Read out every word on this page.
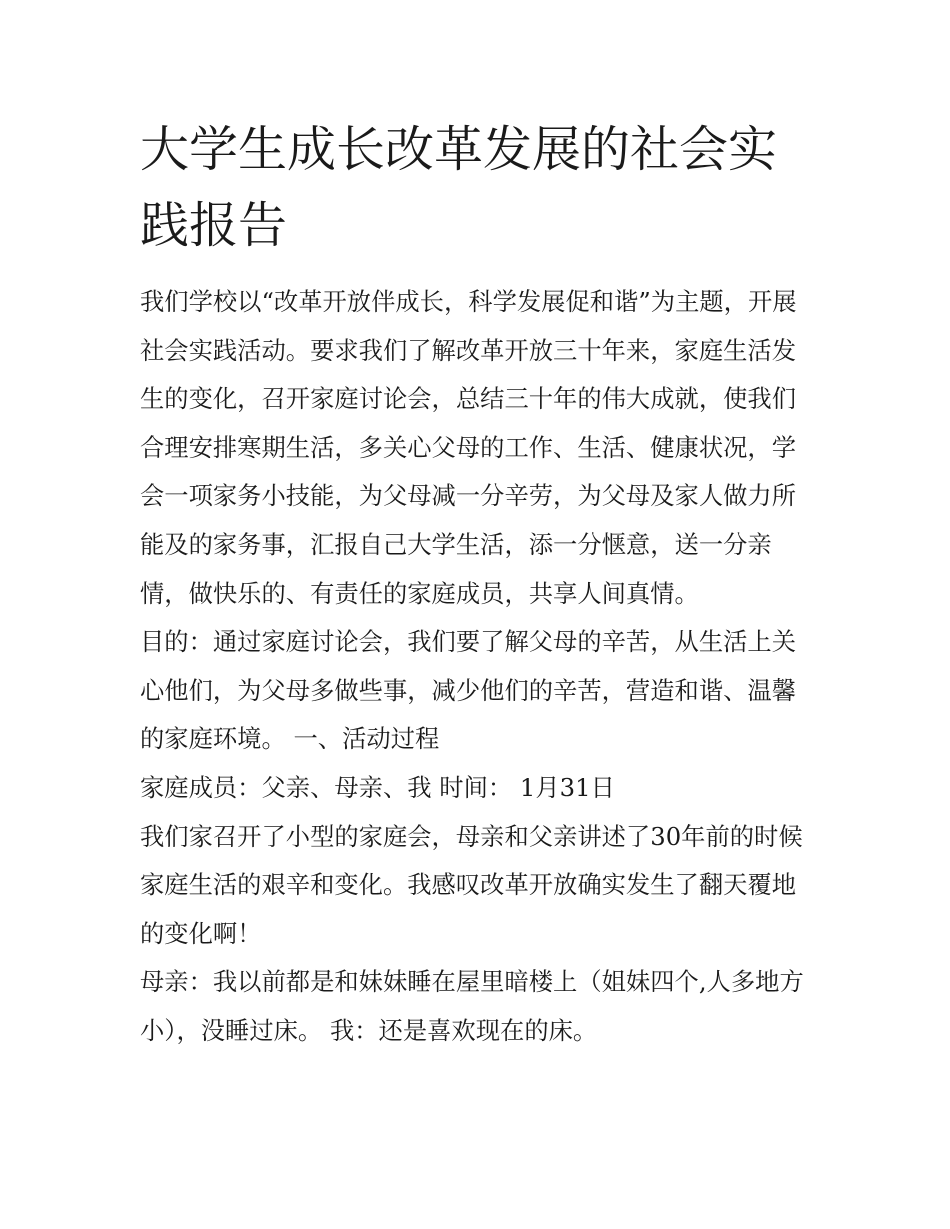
大学生成长改革发展的社会实践报告

我们学校以“改革开放伴成长，科学发展促和谐”为主题，开展社会实践活动。要求我们了解改革开放三十年来，家庭生活发生的变化，召开家庭讨论会，总结三十年的伟大成就，使我们合理安排寒期生活，多关心父母的工作、生活、健康状况，学会一项家务小技能，为父母减一分辛劳，为父母及家人做力所能及的家务事，汇报自己大学生活，添一分惬意，送一分亲情，做快乐的、有责任的家庭成员，共享人间真情。

目的：通过家庭讨论会，我们要了解父母的辛苦，从生活上关心他们，为父母多做些事，减少他们的辛苦，营造和谐、温馨的家庭环境。 一、活动过程

家庭成员：父亲、母亲、我 时间： 1月31日

我们家召开了小型的家庭会，母亲和父亲讲述了30年前的时候家庭生活的艰辛和变化。我感叹改革开放确实发生了翻天覆地的变化啊！

母亲：我以前都是和妹妹睡在屋里暗楼上（姐妹四个,人多地方小），没睡过床。 我：还是喜欢现在的床。
